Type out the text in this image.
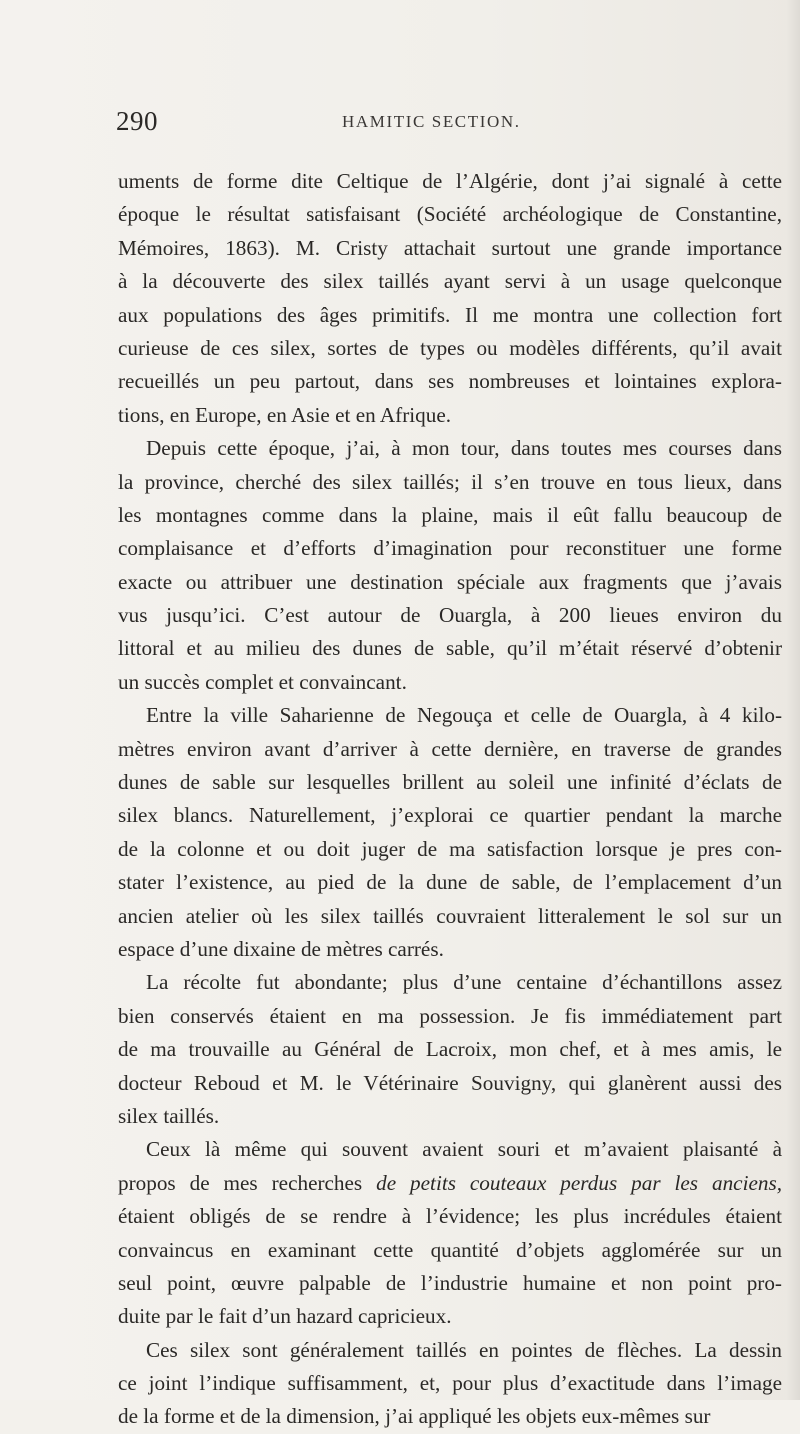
290	HAMITIC SECTION.
uments de forme dite Celtique de l’Algérie, dont j’ai signalé à cette
époque le résultat satisfaisant (Société archéologique de Constantine,
Mémoires, 1863). M. Cristy attachait surtout une grande importance
à la découverte des silex taillés ayant servi à un usage quelconque
aux populations des âges primitifs. Il me montra une collection fort
curieuse de ces silex, sortes de types ou modèles différents, qu’il avait
recueillés un peu partout, dans ses nombreuses et lointaines explora-
tions, en Europe, en Asie et en Afrique.
Depuis cette époque, j’ai, à mon tour, dans toutes mes courses dans
la province, cherché des silex taillés; il s’en trouve en tous lieux, dans
les montagnes comme dans la plaine, mais il eût fallu beaucoup de
complaisance et d’efforts d’imagination pour reconstituer une forme
exacte ou attribuer une destination spéciale aux fragments que j’avais
vus jusqu’ici. C’est autour de Ouargla, à 200 lieues environ du
littoral et au milieu des dunes de sable, qu’il m’était réservé d’obtenir
un succès complet et convaincant.
Entre la ville Saharienne de Negouça et celle de Ouargla, à 4 kilo-
mètres environ avant d’arriver à cette dernière, en traverse de grandes
dunes de sable sur lesquelles brillent au soleil une infinité d’éclats de
silex blancs. Naturellement, j’explorai ce quartier pendant la marche
de la colonne et ou doit juger de ma satisfaction lorsque je pres con-
stater l’existence, au pied de la dune de sable, de l’emplacement d’un
ancien atelier où les silex taillés couvraient litteralement le sol sur un
espace d’une dixaine de mètres carrés.
La récolte fut abondante; plus d’une centaine d’échantillons assez
bien conservés étaient en ma possession. Je fis immédiatement part
de ma trouvaille au Général de Lacroix, mon chef, et à mes amis, le
docteur Reboud et M. le Vétérinaire Souvigny, qui glanèrent aussi des
silex taillés.
Ceux là même qui souvent avaient souri et m’avaient plaisanté à
propos de mes recherches de petits couteaux perdus par les anciens,
étaient obligés de se rendre à l’évidence; les plus incrédules étaient
convaincus en examinant cette quantité d’objets agglomérée sur un
seul point, œuvre palpable de l’industrie humaine et non point pro-
duite par le fait d’un hazard capricieux.
Ces silex sont généralement taillés en pointes de flèches. La dessin
ce joint l’indique suffisamment, et, pour plus d’exactitude dans l’image
de la forme et de la dimension, j’ai appliqué les objets eux-mêmes sur
